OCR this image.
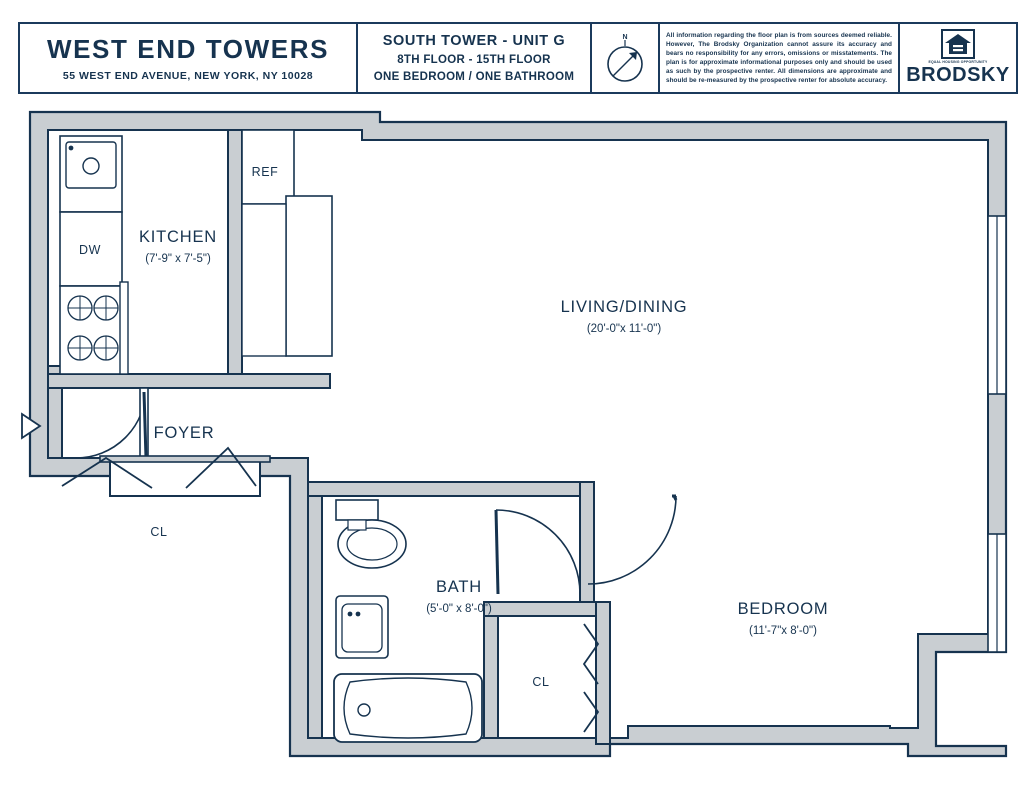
WEST END TOWERS
55 WEST END AVENUE, NEW YORK, NY 10028
SOUTH TOWER - UNIT G
8TH FLOOR - 15TH FLOOR
ONE BEDROOM / ONE BATHROOM
N	All information regarding the floor plan is from sources deemed reliable. However, The Brodsky Organization cannot assure its accuracy and bears no responsibility for any errors, omissions or misstatements. The plan is for approximate informational purposes only and should be used as such by the prospective renter. All dimensions are approximate and should be re-measured by the prospective renter for absolute accuracy.
EQUAL HOUSING OPPORTUNITY
BRODSKY
KITCHEN
(7'-9" x 7'-5")
LIVING/DINING
(20'-0"x 11'-0")
FOYER
BATH
(5'-0" x 8'-0")	BEDROOM
(11'-7"x 8'-0")
REF
DW
CL
CL
